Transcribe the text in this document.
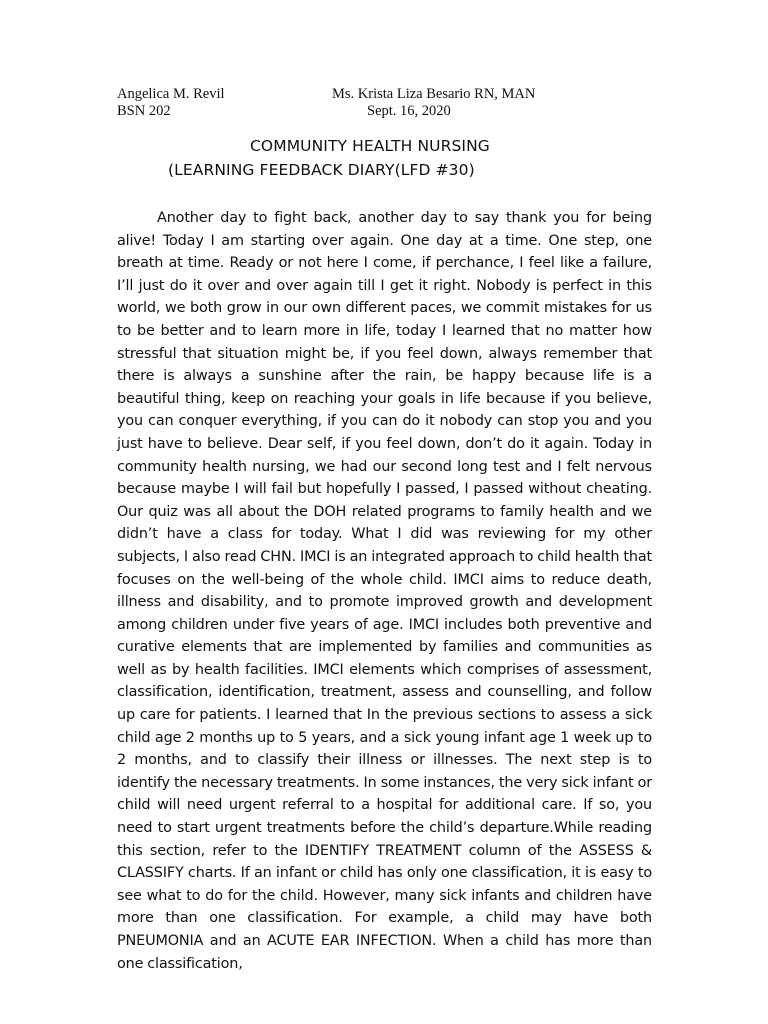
Angelica M. Revil
BSN 202
Ms. Krista Liza Besario RN, MAN
Sept. 16, 2020
COMMUNITY HEALTH NURSING
(LEARNING FEEDBACK DIARY(LFD #30)

Another day to fight back, another day to say thank you for being alive! Today I am starting over again. One day at a time. One step, one breath at time. Ready or not here I come, if perchance, I feel like a failure, I’ll just do it over and over again till I get it right. Nobody is perfect in this world, we both grow in our own different paces, we commit mistakes for us to be better and to learn more in life, today I learned that no matter how stressful that situation might be, if you feel down, always remember that there is always a sunshine after the rain, be happy because life is a beautiful thing, keep on reaching your goals in life because if you believe, you can conquer everything, if you can do it nobody can stop you and you just have to believe. Dear self, if you feel down, don’t do it again. Today in community health nursing, we had our second long test and I felt nervous because maybe I will fail but hopefully I passed, I passed without cheating. Our quiz was all about the DOH related programs to family health and we didn’t have a class for today. What I did was reviewing for my other subjects, I also read CHN. IMCI is an integrated approach to child health that focuses on the well-being of the whole child. IMCI aims to reduce death, illness and disability, and to promote improved growth and development among children under five years of age. IMCI includes both preventive and curative elements that are implemented by families and communities as well as by health facilities. IMCI elements which comprises of assessment, classification, identification, treatment, assess and counselling, and follow up care for patients. I learned that In the previous sections to assess a sick child age 2 months up to 5 years, and a sick young infant age 1 week up to 2 months, and to classify their illness or illnesses. The next step is to identify the necessary treatments. In some instances, the very sick infant or child will need urgent referral to a hospital for additional care. If so, you need to start urgent treatments before the child’s departure.While reading this section, refer to the IDENTIFY TREATMENT column of the ASSESS & CLASSIFY charts. If an infant or child has only one classification, it is easy to see what to do for the child. However, many sick infants and children have more than one classification. For example, a child may have both PNEUMONIA and an ACUTE EAR INFECTION. When a child has more than one classification,
